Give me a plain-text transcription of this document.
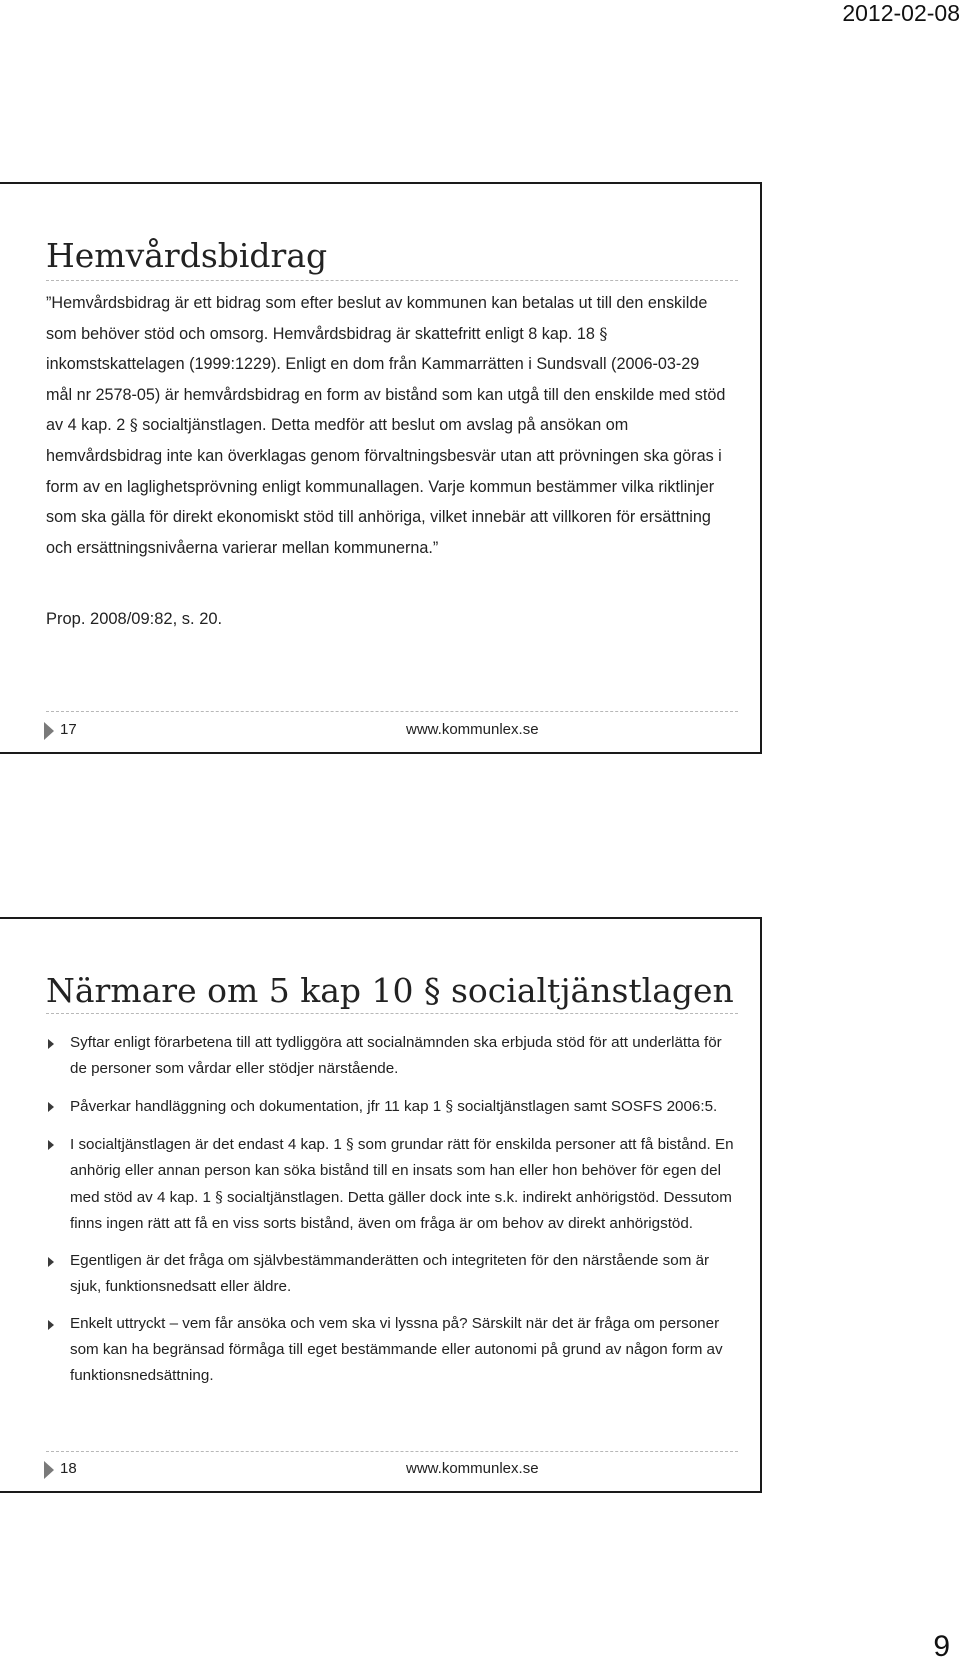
2012-02-08
Hemvårdsbidrag

”Hemvårdsbidrag är ett bidrag som efter beslut av kommunen kan betalas ut till den enskilde som behöver stöd och omsorg. Hemvårdsbidrag är skattefritt enligt 8 kap. 18 § inkomstskattelagen (1999:1229). Enligt en dom från Kammarrätten i Sundsvall (2006-03-29 mål nr 2578-05) är hemvårdsbidrag en form av bistånd som kan utgå till den enskilde med stöd av 4 kap. 2 § socialtjänstlagen. Detta medför att beslut om avslag på ansökan om hemvårdsbidrag inte kan överklagas genom förvaltningsbesvär utan att prövningen ska göras i form av en laglighetsprövning enligt kommunallagen. Varje kommun bestämmer vilka riktlinjer som ska gälla för direkt ekonomiskt stöd till anhöriga, vilket innebär att villkoren för ersättning och ersättningsnivåerna varierar mellan kommunerna.”

Prop. 2008/09:82, s. 20.

17	www.kommunlex.se
Närmare om 5 kap 10 § socialtjänstlagen
Syftar enligt förarbetena till att tydliggöra att socialnämnden ska erbjuda stöd för att underlätta för de personer som vårdar eller stödjer närstående.
Påverkar handläggning och dokumentation, jfr 11 kap 1 § socialtjänstlagen samt SOSFS 2006:5.
I socialtjänstlagen är det endast 4 kap. 1 § som grundar rätt för enskilda personer att få bistånd. En anhörig eller annan person kan söka bistånd till en insats som han eller hon behöver för egen del med stöd av 4 kap. 1 § socialtjänstlagen. Detta gäller dock inte s.k. indirekt anhörigstöd. Dessutom finns ingen rätt att få en viss sorts bistånd, även om fråga är om behov av direkt anhörigstöd.
Egentligen är det fråga om självbestämmanderätten och integriteten för den närstående som är sjuk, funktionsnedsatt eller äldre.
Enkelt uttryckt – vem får ansöka och vem ska vi lyssna på? Särskilt när det är fråga om personer som kan ha begränsad förmåga till eget bestämmande eller autonomi på grund av någon form av funktionsnedsättning.
18	www.kommunlex.se
9
